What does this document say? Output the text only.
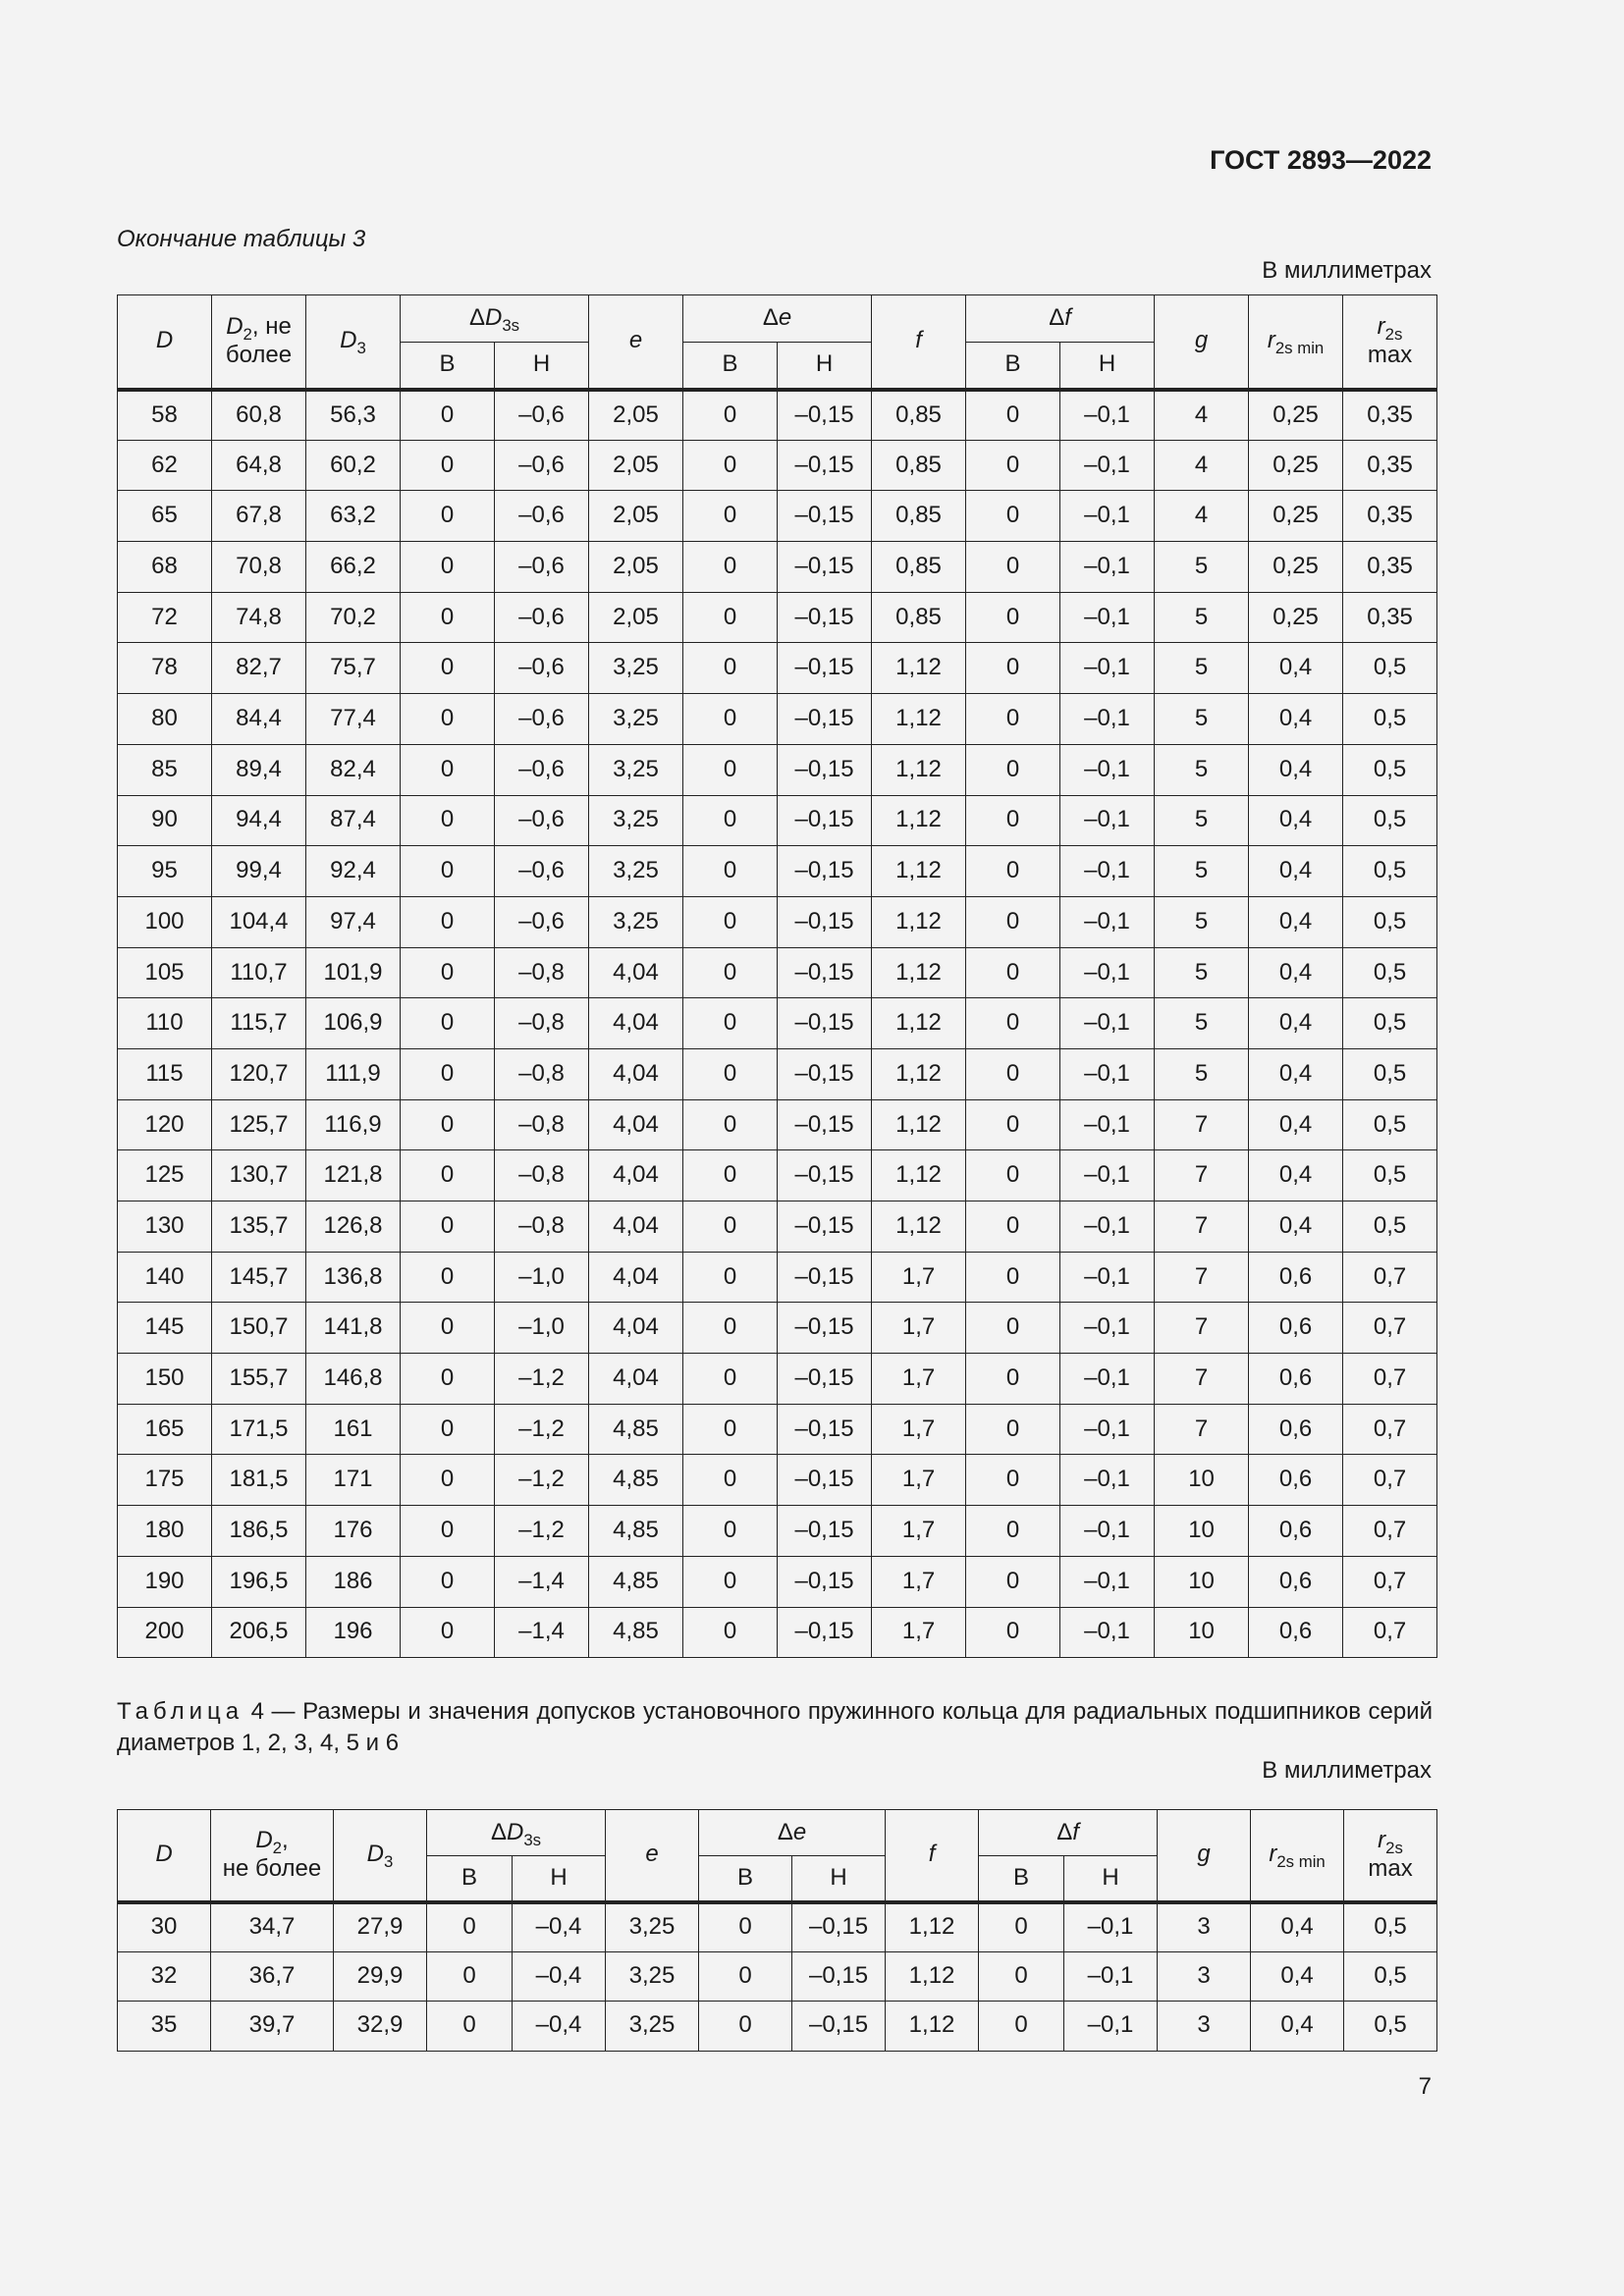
ГОСТ 2893—2022
Окончание таблицы 3
В миллиметрах
D	$D_2$, не более	$D_3$	$\Delta D_{3s}$		e	Δe		f	Δf		g	$r_{2s min}$	$r_{2s}$
max
			В	Н		В	Н		В	Н			
58	60,8	56,3	0	–0,6	2,05	0	–0,15	0,85	0	–0,1	4	0,25	0,35
62	64,8	60,2	0	–0,6	2,05	0	–0,15	0,85	0	–0,1	4	0,25	0,35
65	67,8	63,2	0	–0,6	2,05	0	–0,15	0,85	0	–0,1	4	0,25	0,35
68	70,8	66,2	0	–0,6	2,05	0	–0,15	0,85	0	–0,1	5	0,25	0,35
72	74,8	70,2	0	–0,6	2,05	0	–0,15	0,85	0	–0,1	5	0,25	0,35
78	82,7	75,7	0	–0,6	3,25	0	–0,15	1,12	0	–0,1	5	0,4	0,5
80	84,4	77,4	0	–0,6	3,25	0	–0,15	1,12	0	–0,1	5	0,4	0,5
85	89,4	82,4	0	–0,6	3,25	0	–0,15	1,12	0	–0,1	5	0,4	0,5
90	94,4	87,4	0	–0,6	3,25	0	–0,15	1,12	0	–0,1	5	0,4	0,5
95	99,4	92,4	0	–0,6	3,25	0	–0,15	1,12	0	–0,1	5	0,4	0,5
100	104,4	97,4	0	–0,6	3,25	0	–0,15	1,12	0	–0,1	5	0,4	0,5
105	110,7	101,9	0	–0,8	4,04	0	–0,15	1,12	0	–0,1	5	0,4	0,5
110	115,7	106,9	0	–0,8	4,04	0	–0,15	1,12	0	–0,1	5	0,4	0,5
115	120,7	111,9	0	–0,8	4,04	0	–0,15	1,12	0	–0,1	5	0,4	0,5
120	125,7	116,9	0	–0,8	4,04	0	–0,15	1,12	0	–0,1	7	0,4	0,5
125	130,7	121,8	0	–0,8	4,04	0	–0,15	1,12	0	–0,1	7	0,4	0,5
130	135,7	126,8	0	–0,8	4,04	0	–0,15	1,12	0	–0,1	7	0,4	0,5
140	145,7	136,8	0	–1,0	4,04	0	–0,15	1,7	0	–0,1	7	0,6	0,7
145	150,7	141,8	0	–1,0	4,04	0	–0,15	1,7	0	–0,1	7	0,6	0,7
150	155,7	146,8	0	–1,2	4,04	0	–0,15	1,7	0	–0,1	7	0,6	0,7
165	171,5	161	0	–1,2	4,85	0	–0,15	1,7	0	–0,1	7	0,6	0,7
175	181,5	171	0	–1,2	4,85	0	–0,15	1,7	0	–0,1	10	0,6	0,7
180	186,5	176	0	–1,2	4,85	0	–0,15	1,7	0	–0,1	10	0,6	0,7
190	196,5	186	0	–1,4	4,85	0	–0,15	1,7	0	–0,1	10	0,6	0,7
200	206,5	196	0	–1,4	4,85	0	–0,15	1,7	0	–0,1	10	0,6	0,7
Таблица 4 — Размеры и значения допусков установочного пружинного кольца для радиальных подшипников серий диаметров 1, 2, 3, 4, 5 и 6
В миллиметрах
D	$D_2$,
не более	$D_3$	$\Delta D_{3s}$		e	Δe		f	Δf		g	$r_{2s min}$	$r_{2s}$
max
			В	Н		В	Н		В	Н			
30	34,7	27,9	0	–0,4	3,25	0	–0,15	1,12	0	–0,1	3	0,4	0,5
32	36,7	29,9	0	–0,4	3,25	0	–0,15	1,12	0	–0,1	3	0,4	0,5
35	39,7	32,9	0	–0,4	3,25	0	–0,15	1,12	0	–0,1	3	0,4	0,5
7
